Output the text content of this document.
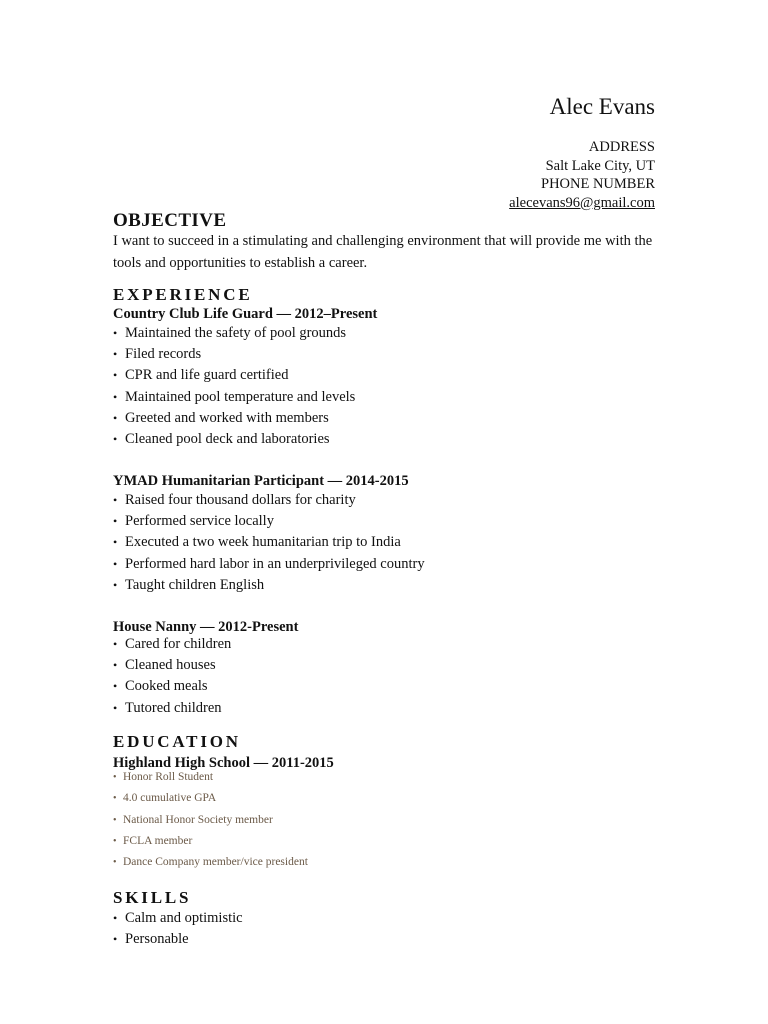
Alec Evans
ADDRESS
Salt Lake City, UT
PHONE NUMBER
alecevans96@gmail.com
OBJECTIVE

I want to succeed in a stimulating and challenging environment that will provide me with the tools and opportunities to establish a career.

EXPERIENCE
Country Club Life Guard — 2012–Present
• Maintained the safety of pool grounds
• Filed records
• CPR and life guard certified
• Maintained pool temperature and levels
• Greeted and worked with members
• Cleaned pool deck and laboratories
YMAD Humanitarian Participant — 2014-2015
• Raised four thousand dollars for charity
• Performed service locally
• Executed a two week humanitarian trip to India
• Performed hard labor in an underprivileged country
• Taught children English
House Nanny — 2012-Present
• Cared for children
• Cleaned houses
• Cooked meals
• Tutored children
EDUCATION
Highland High School — 2011-2015
• Honor Roll Student
• 4.0 cumulative GPA
• National Honor Society member
• FCLA member
• Dance Company member/vice president
SKILLS
• Calm and optimistic
• Personable
